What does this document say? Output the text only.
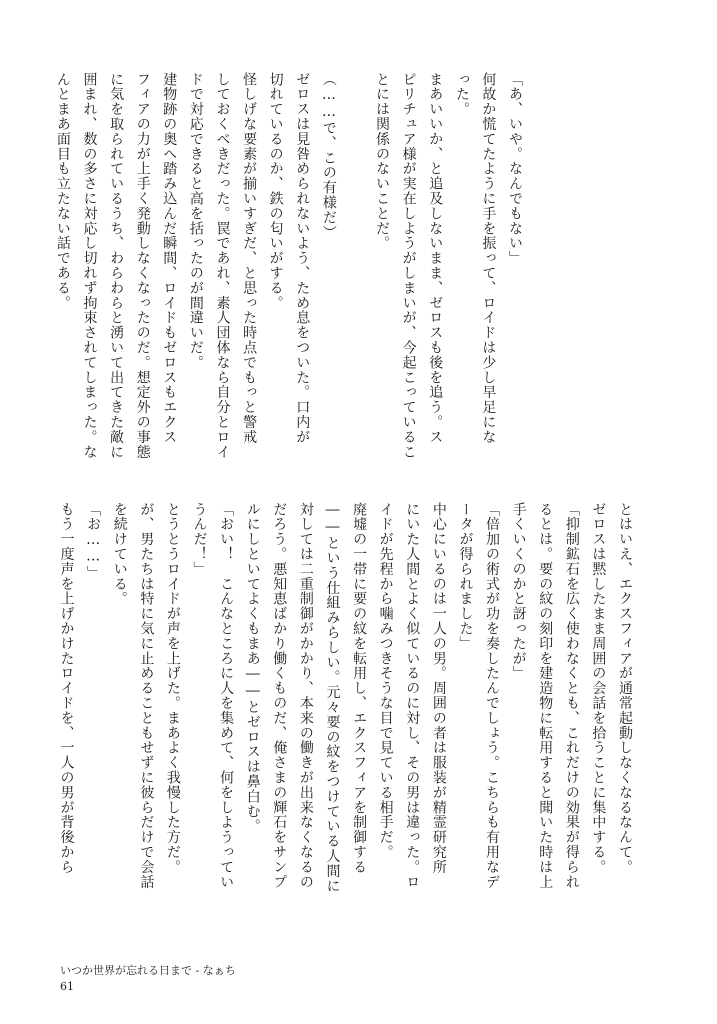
「あ、いや。なんでもない」
何故か慌てたように手を振って、ロイドは少し早足にな
った。
まあいいか、と追及しないまま、ゼロスも後を追う。ス
ピリチュア様が実在しようがしまいが、今起こっているこ
とには関係のないことだ。

（……で、この有様だ）
ゼロスは見咎められないよう、ため息をついた。口内が
切れているのか、鉄の匂いがする。
怪しげな要素が揃いすぎだ、と思った時点でもっと警戒
しておくべきだった。罠であれ、素人団体なら自分とロイ
ドで対応できると高を括ったのが間違いだ。
建物跡の奥へ踏み込んだ瞬間、ロイドもゼロスもエクス
フィアの力が上手く発動しなくなったのだ。想定外の事態
に気を取られているうち、わらわらと湧いて出てきた敵に
囲まれ、数の多さに対応し切れず拘束されてしまった。な
んとまあ面目も立たない話である。
とはいえ、エクスフィアが通常起動しなくなるなんて。
ゼロスは黙したまま周囲の会話を拾うことに集中する。
「抑制鉱石を広く使わなくとも、これだけの効果が得られ
るとは。要の紋の刻印を建造物に転用すると聞いた時は上
手くいくのかと訝ったが」
「倍加の術式が功を奏したんでしょう。こちらも有用なデ
ータが得られました」
中心にいるのは一人の男。周囲の者は服装が精霊研究所
にいた人間とよく似ているのに対し、その男は違った。ロ
イドが先程から噛みつきそうな目で見ている相手だ。
廃墟の一帯に要の紋を転用し、エクスフィアを制御する
――という仕組みらしい。元々要の紋をつけている人間に
対しては二重制御がかかり、本来の働きが出来なくなるの
だろう。悪知恵ばかり働くものだ、俺さまの輝石をサンプ
ルにしといてよくもまあ――とゼロスは鼻白む。
「おい！　こんなところに人を集めて、何をしようってい
うんだ！」
とうとうロイドが声を上げた。まあよく我慢した方だ。
が、男たちは特に気に止めることもせずに彼らだけで会話
を続けている。
「お……」
もう一度声を上げかけたロイドを、一人の男が背後から
いつか世界が忘れる日まで - なぁち
61
